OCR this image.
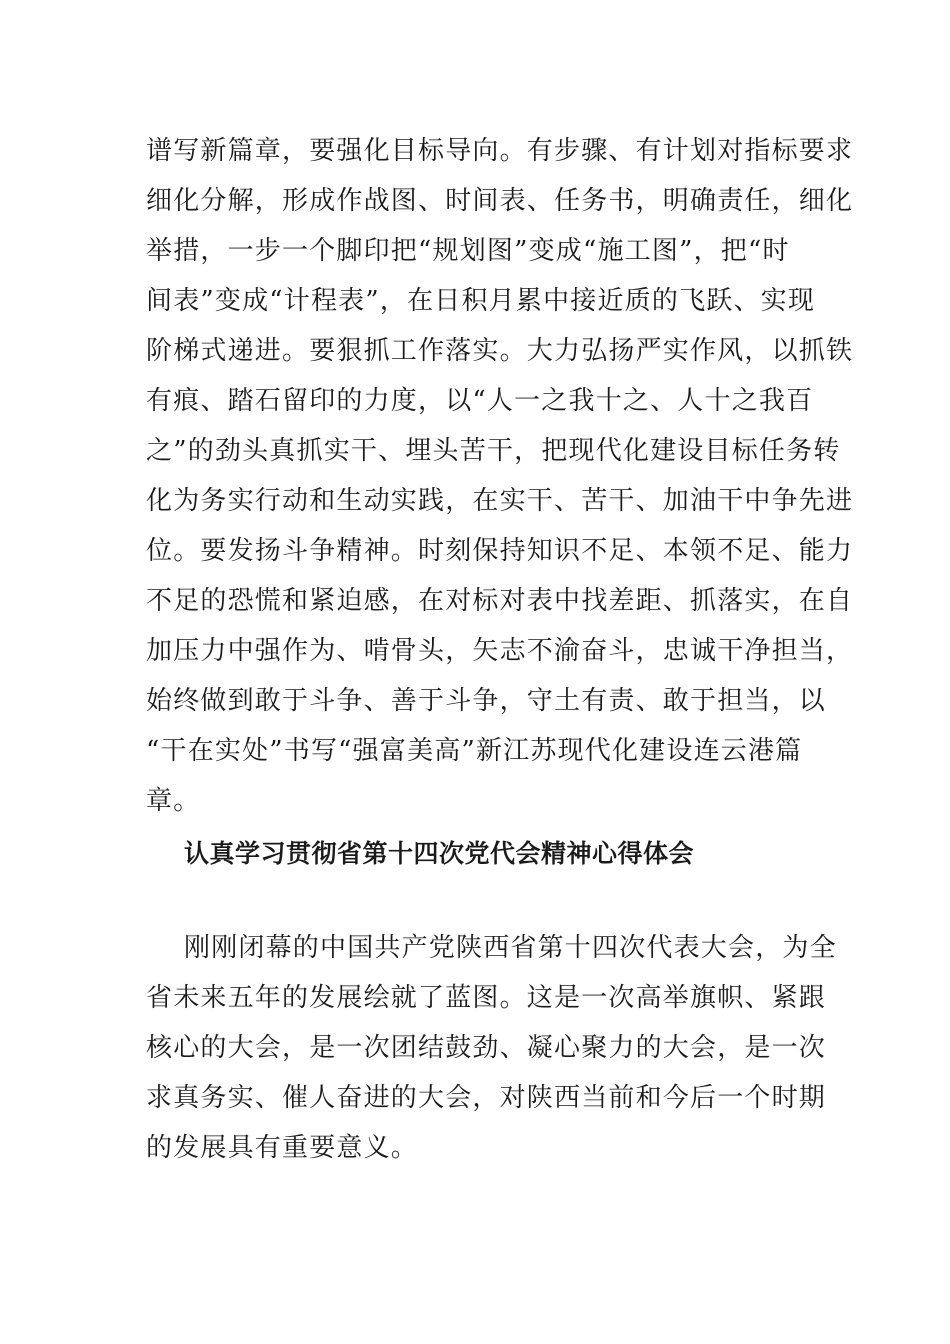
谱写新篇章，要强化目标导向。有步骤、有计划对指标要求
细化分解，形成作战图、时间表、任务书，明确责任，细化
举措，一步一个脚印把“规划图”变成“施工图”，把“时
间表”变成“计程表”，在日积月累中接近质的飞跃、实现
阶梯式递进。要狠抓工作落实。大力弘扬严实作风，以抓铁
有痕、踏石留印的力度，以“人一之我十之、人十之我百
之”的劲头真抓实干、埋头苦干，把现代化建设目标任务转
化为务实行动和生动实践，在实干、苦干、加油干中争先进
位。要发扬斗争精神。时刻保持知识不足、本领不足、能力
不足的恐慌和紧迫感，在对标对表中找差距、抓落实，在自
加压力中强作为、啃骨头，矢志不渝奋斗，忠诚干净担当，
始终做到敢于斗争、善于斗争，守土有责、敢于担当，以
“干在实处”书写“强富美高”新江苏现代化建设连云港篇
章。
认真学习贯彻省第十四次党代会精神心得体会
刚刚闭幕的中国共产党陕西省第十四次代表大会，为全
省未来五年的发展绘就了蓝图。这是一次高举旗帜、紧跟
核心的大会，是一次团结鼓劲、凝心聚力的大会，是一次
求真务实、催人奋进的大会，对陕西当前和今后一个时期
的发展具有重要意义。
